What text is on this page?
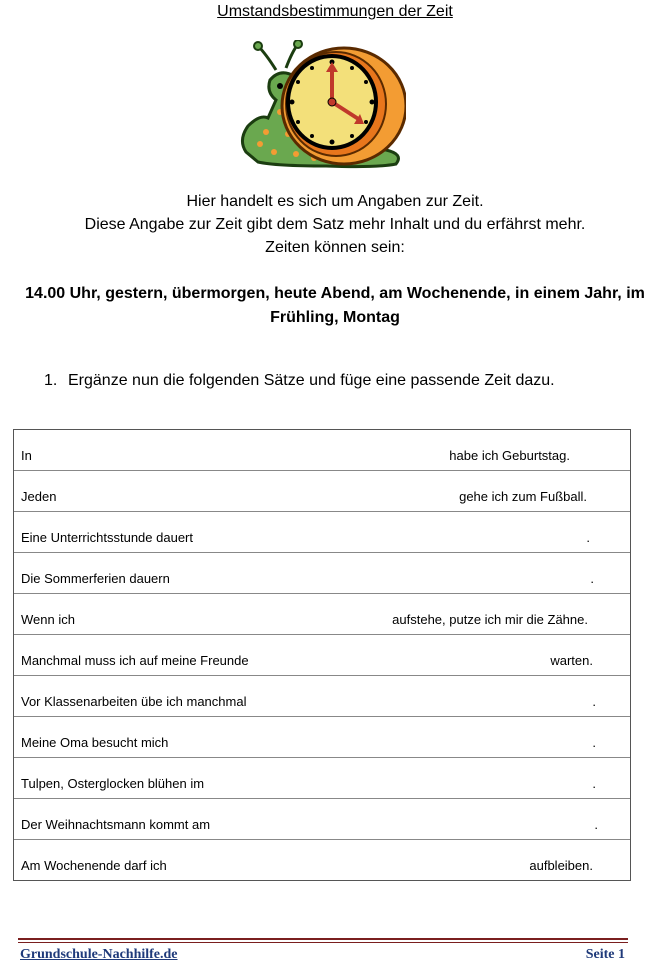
Umstandsbestimmungen der Zeit
Hier handelt es sich um Angaben zur Zeit.
Diese Angabe zur Zeit gibt dem Satz mehr Inhalt und du erfährst mehr.
Zeiten können sein:
14.00 Uhr, gestern, übermorgen, heute Abend, am Wochenende, in einem Jahr, im Frühling, Montag
1. Ergänze nun die folgenden Sätze und füge eine passende Zeit dazu.
In	habe ich Geburtstag.
Jeden	gehe ich zum Fußball.
Eine Unterrichtsstunde dauert	.
Die Sommerferien dauern	.
Wenn ich	aufstehe, putze ich mir die Zähne.
Manchmal muss ich auf meine Freunde	warten.
Vor Klassenarbeiten übe ich manchmal	.
Meine Oma besucht mich	.
Tulpen, Osterglocken blühen im	.
Der Weihnachtsmann kommt am	.
Am Wochenende darf ich	aufbleiben.
Grundschule-Nachhilfe.de	Seite 1
